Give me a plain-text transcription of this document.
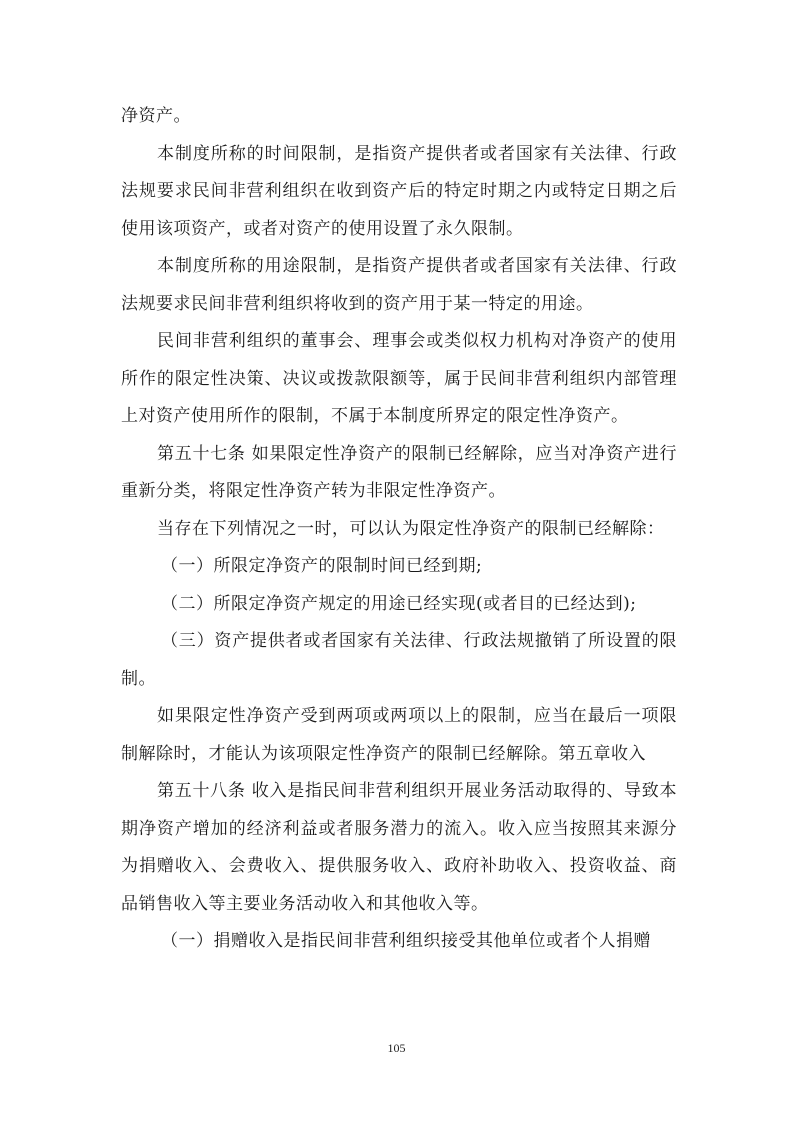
净资产。

本制度所称的时间限制，是指资产提供者或者国家有关法律、行政法规要求民间非营利组织在收到资产后的特定时期之内或特定日期之后使用该项资产，或者对资产的使用设置了永久限制。

本制度所称的用途限制，是指资产提供者或者国家有关法律、行政法规要求民间非营利组织将收到的资产用于某一特定的用途。

民间非营利组织的董事会、理事会或类似权力机构对净资产的使用所作的限定性决策、决议或拨款限额等，属于民间非营利组织内部管理上对资产使用所作的限制，不属于本制度所界定的限定性净资产。

第五十七条 如果限定性净资产的限制已经解除，应当对净资产进行重新分类，将限定性净资产转为非限定性净资产。

当存在下列情况之一时，可以认为限定性净资产的限制已经解除：

（一）所限定净资产的限制时间已经到期;

（二）所限定净资产规定的用途已经实现(或者目的已经达到);

（三）资产提供者或者国家有关法律、行政法规撤销了所设置的限制。

如果限定性净资产受到两项或两项以上的限制，应当在最后一项限制解除时，才能认为该项限定性净资产的限制已经解除。第五章收入

第五十八条 收入是指民间非营利组织开展业务活动取得的、导致本期净资产增加的经济利益或者服务潜力的流入。收入应当按照其来源分为捐赠收入、会费收入、提供服务收入、政府补助收入、投资收益、商品销售收入等主要业务活动收入和其他收入等。

（一）捐赠收入是指民间非营利组织接受其他单位或者个人捐赠

105
